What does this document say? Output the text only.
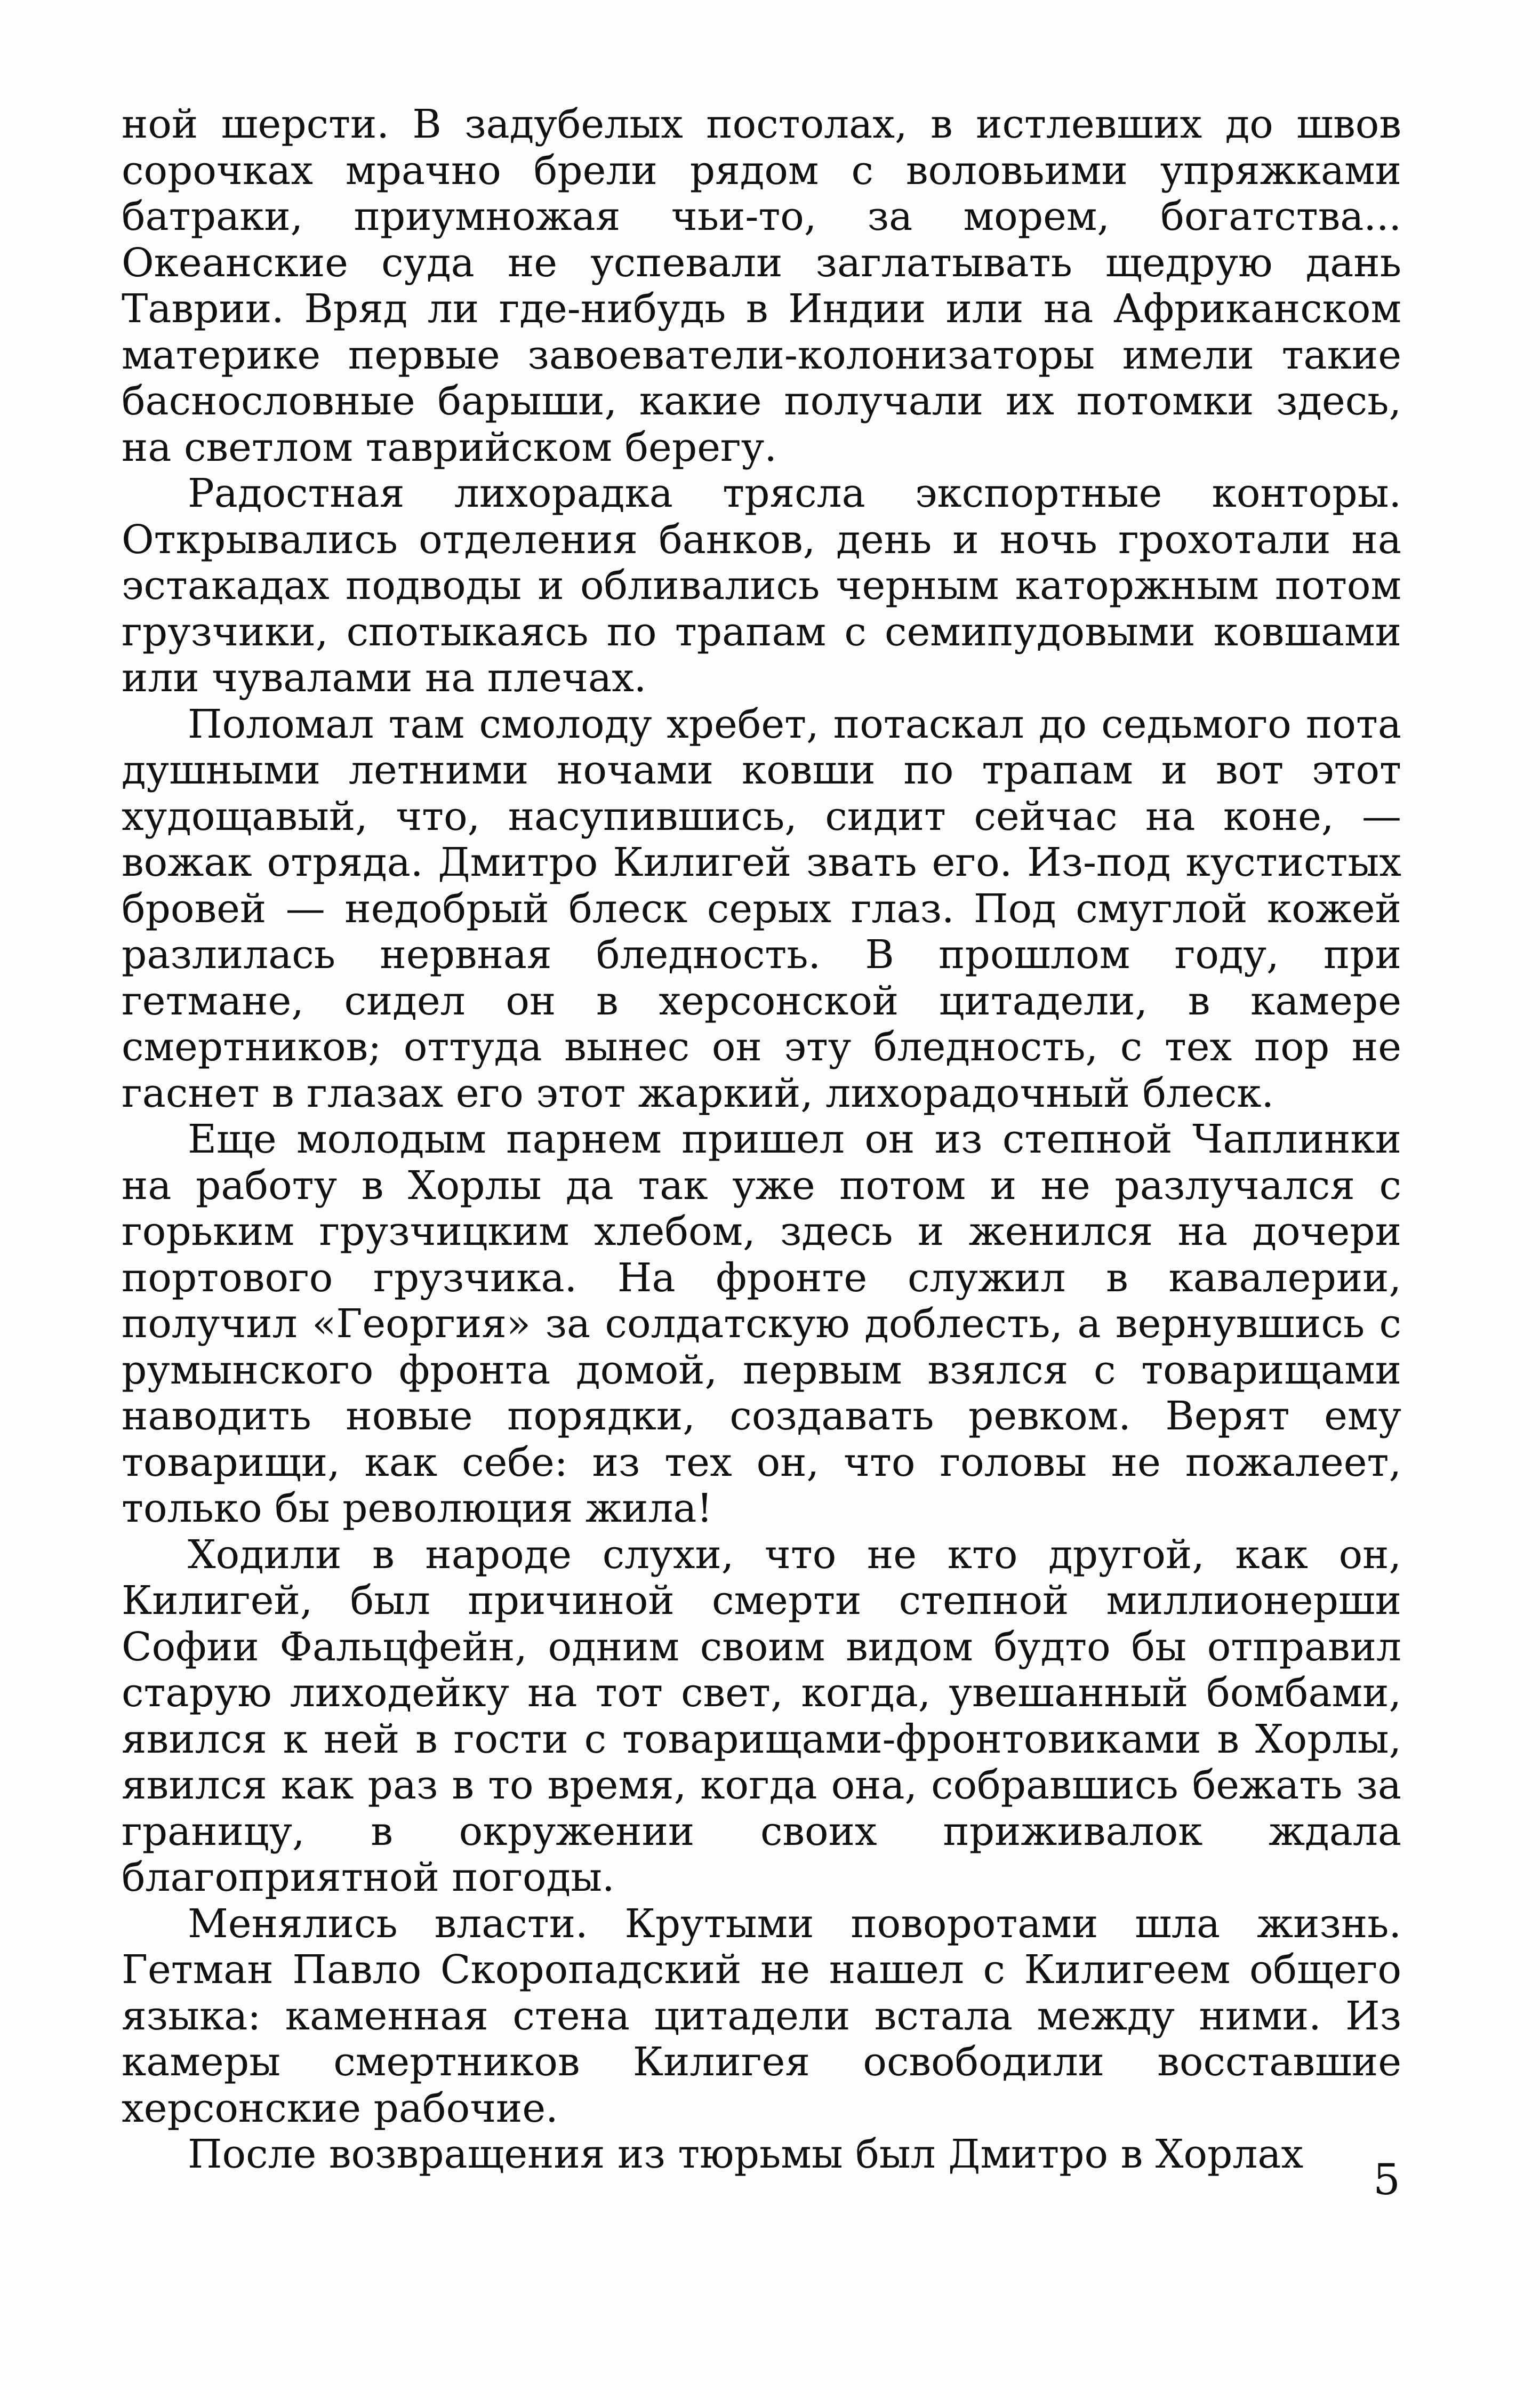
ной шерсти. В задубелых постолах, в истлевших до швов сорочках мрачно брели рядом с воловьими упряжками батраки, приумножая чьи-то, за морем, богатства... Океанские суда не успевали заглатывать щедрую дань Таврии. Вряд ли где-нибудь в Индии или на Африканском материке первые завоеватели-колонизаторы имели такие баснословные барыши, какие получали их потомки здесь, на светлом таврийском берегу.

Радостная лихорадка трясла экспортные конторы. Открывались отделения банков, день и ночь грохотали на эстакадах подводы и обливались черным каторжным потом грузчики, спотыкаясь по трапам с семипудовыми ковшами или чувалами на плечах.

Поломал там смолоду хребет, потаскал до седьмого пота душными летними ночами ковши по трапам и вот этот худощавый, что, насупившись, сидит сейчас на коне, — вожак отряда. Дмитро Килигей звать его. Из-под кустистых бровей — недобрый блеск серых глаз. Под смуглой кожей разлилась нервная бледность. В прошлом году, при гетмане, сидел он в херсонской цитадели, в камере смертников; оттуда вынес он эту бледность, с тех пор не гаснет в глазах его этот жаркий, лихорадочный блеск.

Еще молодым парнем пришел он из степной Чаплинки на работу в Хорлы да так уже потом и не разлучался с горьким грузчицким хлебом, здесь и женился на дочери портового грузчика. На фронте служил в кавалерии, получил «Георгия» за солдатскую доблесть, а вернувшись с румынского фронта домой, первым взялся с товарищами наводить новые порядки, создавать ревком. Верят ему товарищи, как себе: из тех он, что головы не пожалеет, только бы революция жила!

Ходили в народе слухи, что не кто другой, как он, Килигей, был причиной смерти степной миллионерши Софии Фальцфейн, одним своим видом будто бы отправил старую лиходейку на тот свет, когда, увешанный бомбами, явился к ней в гости с товарищами-фронтовиками в Хорлы, явился как раз в то время, когда она, собравшись бежать за границу, в окружении своих приживалок ждала благоприятной погоды.

Менялись власти. Крутыми поворотами шла жизнь. Гетман Павло Скоропадский не нашел с Килигеем общего языка: каменная стена цитадели встала между ними. Из камеры смертников Килигея освободили восставшие херсонские рабочие.

После возвращения из тюрьмы был Дмитро в Хорлах

5
